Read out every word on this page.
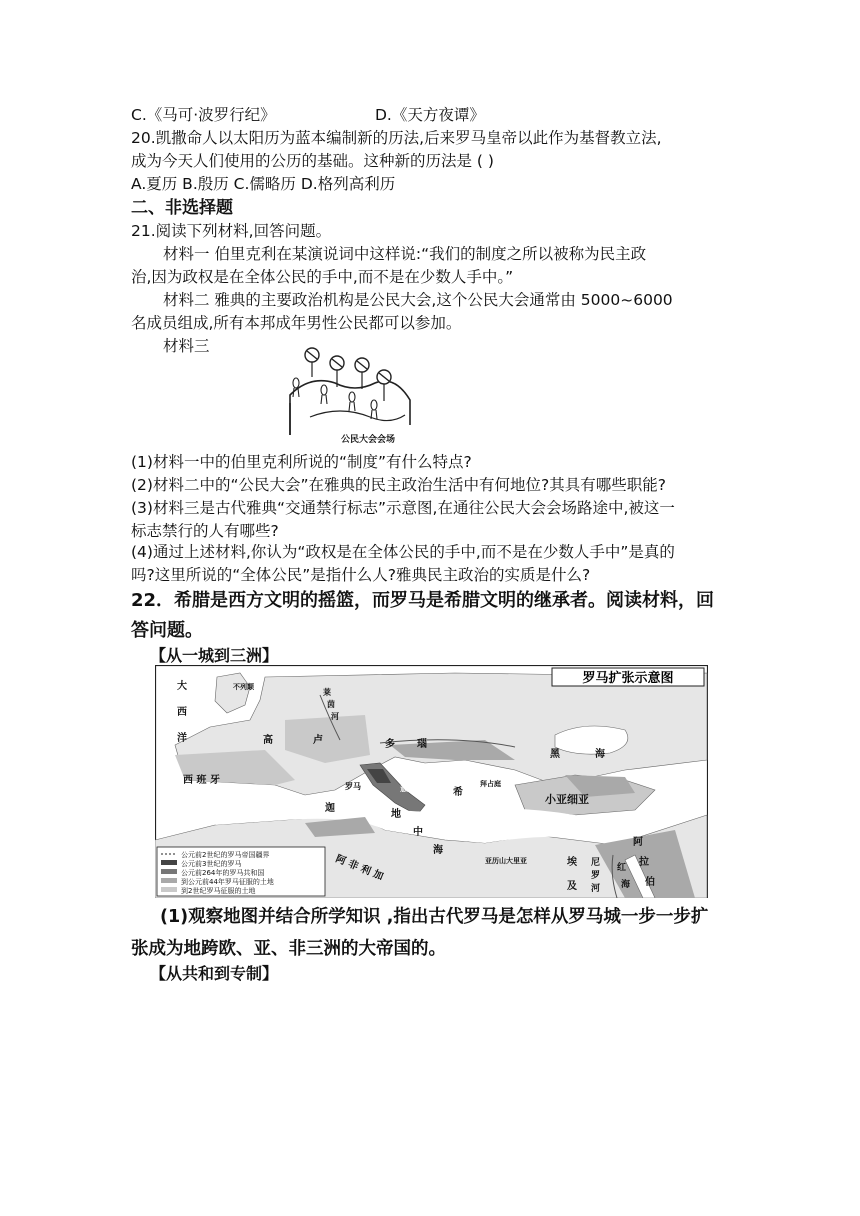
C.《马可·波罗行纪》	D.《天方夜谭》
20.凯撒命人以太阳历为蓝本编制新的历法,后来罗马皇帝以此作为基督教立法,
成为今天人们使用的公历的基础。这种新的历法是 ( )
A.夏历 B.殷历 C.儒略历 D.格列高利历
二、非选择题
21.阅读下列材料,回答问题。
材料一 伯里克利在某演说词中这样说:“我们的制度之所以被称为民主政
治,因为政权是在全体公民的手中,而不是在少数人手中。”
材料二 雅典的主要政治机构是公民大会,这个公民大会通常由 5000~6000
名成员组成,所有本邦成年男性公民都可以参加。
材料三
公民大会会场
(1)材料一中的伯里克利所说的“制度”有什么特点?
(2)材料二中的“公民大会”在雅典的民主政治生活中有何地位?其具有哪些职能?
(3)材料三是古代雅典“交通禁行标志”示意图,在通往公民大会会场路途中,被这一
标志禁行的人有哪些?
(4)通过上述材料,你认为“政权是在全体公民的手中,而不是在少数人手中”是真的
吗?这里所说的“全体公民”是指什么人?雅典民主政治的实质是什么?
22．希腊是西方文明的摇篮，而罗马是希腊文明的继承者。阅读材料，回
答问题。
【从一城到三洲】
罗马扩张示意图
大
西
洋
不列颠
莱
茵
河
高	卢	多 瑙
黑	海
西 班 牙
罗马	意大利	希
拜占庭
小亚细亚
迦
地
中
海
阿 非 利 加
阿
拉
伯
亚历山大里亚	埃
及
尼
罗
河
红
海
公元前2世纪的罗马帝国疆界
公元前3世纪的罗马
公元前264年的罗马共和国
到公元前44年罗马征服的土地
到2世纪罗马征服的土地
(1)观察地图并结合所学知识 ,指出古代罗马是怎样从罗马城一步一步扩
张成为地跨欧、亚、非三洲的大帝国的。
【从共和到专制】
